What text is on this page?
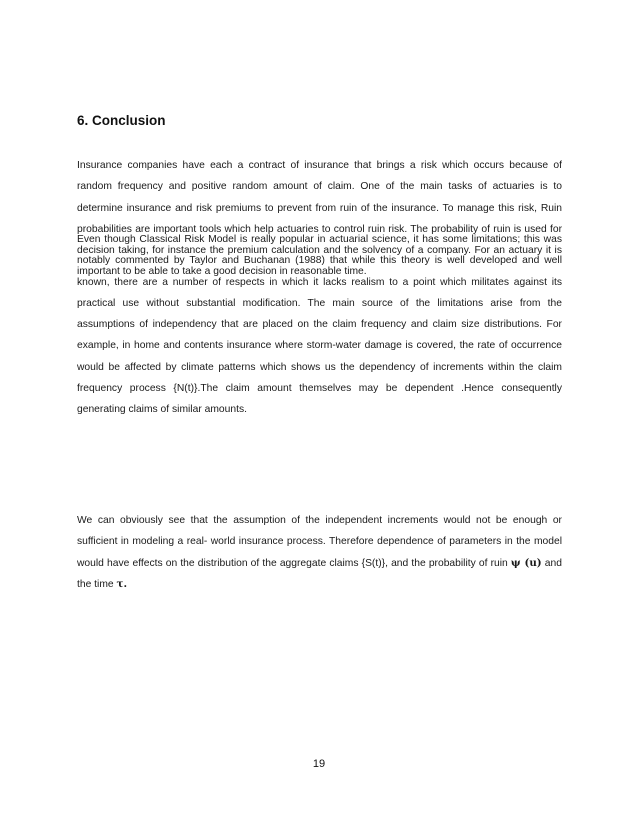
6. Conclusion

Insurance companies have each a contract of insurance that brings a risk which occurs because of random frequency and positive random amount of claim. One of the main tasks of actuaries is to determine insurance and risk premiums to prevent from ruin of the insurance. To manage this risk, Ruin probabilities are important tools which help actuaries to control ruin risk. The probability of ruin is used for decision taking, for instance the premium calculation and the solvency of a company. For an actuary it is important to be able to take a good decision in reasonable time.

Even though Classical Risk Model is really popular in actuarial science, it has some limitations; this was notably commented by Taylor and Buchanan (1988) that while this theory is well developed and well known, there are a number of respects in which it lacks realism to a point which militates against its practical use without substantial modification. The main source of the limitations arise from the assumptions of independency that are placed on the claim frequency and claim size distributions. For example, in home and contents insurance where storm-water damage is covered, the rate of occurrence would be affected by climate patterns which shows us the dependency of increments within the claim frequency process {N(t)}.The claim amount themselves may be dependent .Hence consequently generating claims of similar amounts.

We can obviously see that the assumption of the independent increments would not be enough or sufficient in modeling a real- world insurance process. Therefore dependence of parameters in the model would have effects on the distribution of the aggregate claims {S(t)}, and the probability of ruin ψ (u) and the time τ.

19
